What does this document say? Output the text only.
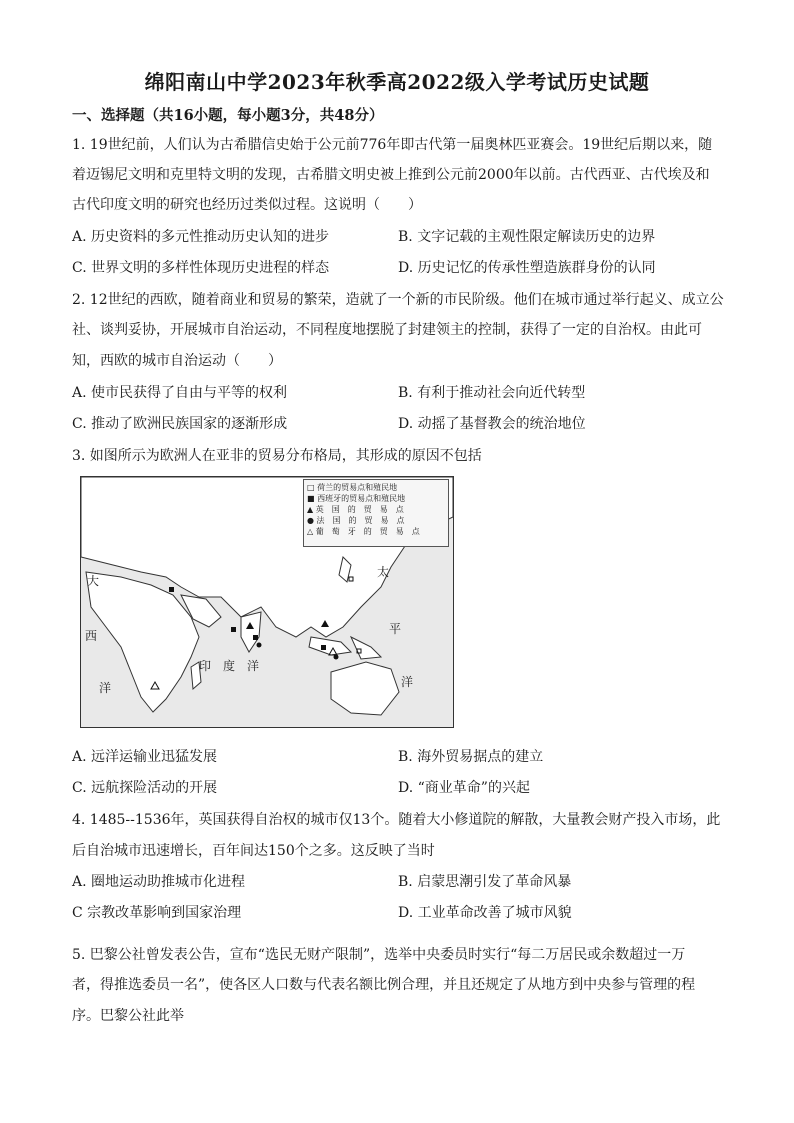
绵阳南山中学2023年秋季高2022级入学考试历史试题
一、选择题（共16小题，每小题3分，共48分）
1. 19世纪前，人们认为古希腊信史始于公元前776年即古代第一届奥林匹亚赛会。19世纪后期以来，随
着迈锡尼文明和克里特文明的发现，古希腊文明史被上推到公元前2000年以前。古代西亚、古代埃及和
古代印度文明的研究也经历过类似过程。这说明（　　）
A. 历史资料的多元性推动历史认知的进步	B. 文字记载的主观性限定解读历史的边界
C. 世界文明的多样性体现历史进程的样态	D. 历史记忆的传承性塑造族群身份的认同
2. 12世纪的西欧，随着商业和贸易的繁荣，造就了一个新的市民阶级。他们在城市通过举行起义、成立公
社、谈判妥协，开展城市自治运动，不同程度地摆脱了封建领主的控制，获得了一定的自治权。由此可
知，西欧的城市自治运动（　　）
A. 使市民获得了自由与平等的权利	B. 有利于推动社会向近代转型
C. 推动了欧洲民族国家的逐渐形成	D. 动摇了基督教会的统治地位
3. 如图所示为欧洲人在亚非的贸易分布格局，其形成的原因不包括
□ 荷兰的贸易点和殖民地
■ 西班牙的贸易点和殖民地
▲ 英　国　的　贸　易　点
● 法　国　的　贸　易　点
△ 葡　萄　牙　的　贸　易　点
大
西
洋
印　度　洋
太
平
洋
A. 远洋运输业迅猛发展	B. 海外贸易据点的建立
C. 远航探险活动的开展	D. “商业革命”的兴起
4. 1485--1536年，英国获得自治权的城市仅13个。随着大小修道院的解散，大量教会财产投入市场，此
后自治城市迅速增长，百年间达150个之多。这反映了当时
A. 圈地运动助推城市化进程	B. 启蒙思潮引发了革命风暴
C 宗教改革影响到国家治理	D. 工业革命改善了城市风貌
5. 巴黎公社曾发表公告，宣布“选民无财产限制”，选举中央委员时实行“每二万居民或余数超过一万
者，得推选委员一名”，使各区人口数与代表名额比例合理，并且还规定了从地方到中央参与管理的程
序。巴黎公社此举
